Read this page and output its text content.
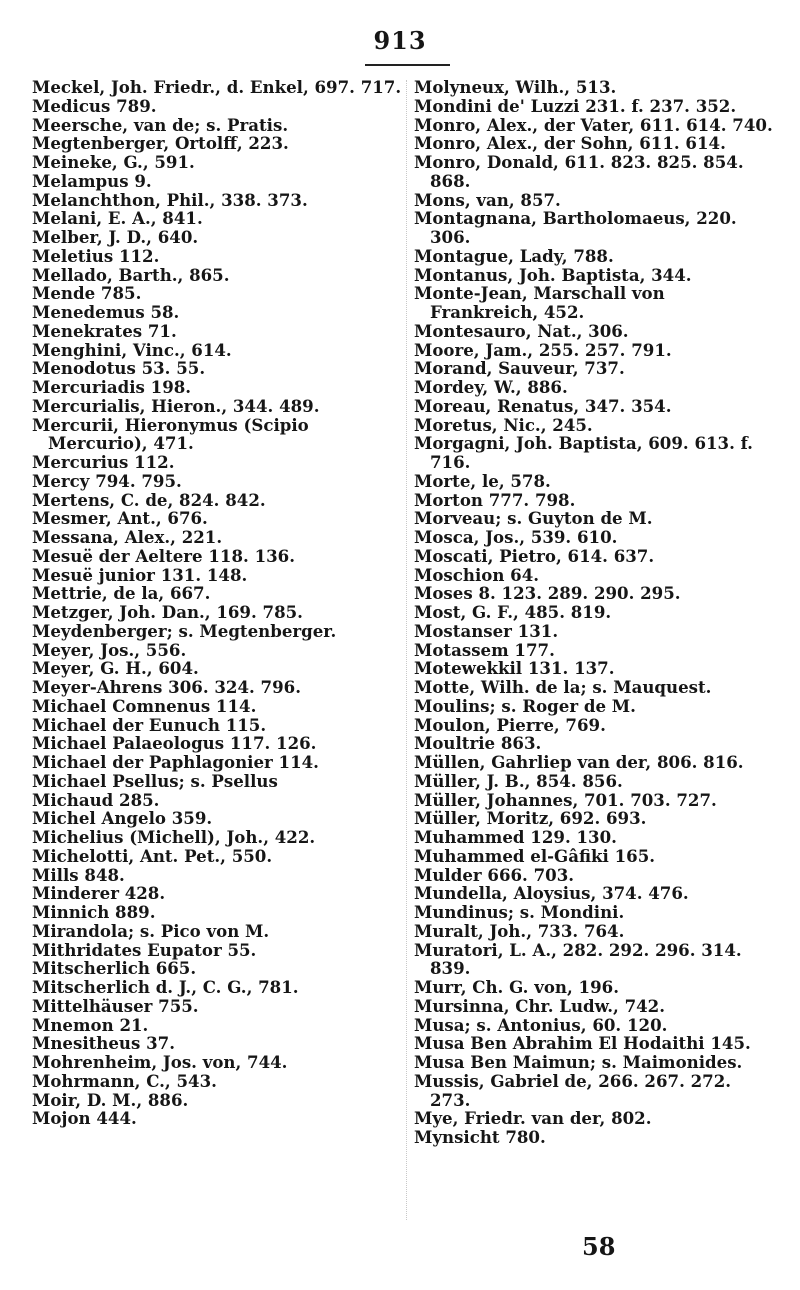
913

Meckel, Joh. Friedr., d. Enkel, 697. 717.

Medicus 789.

Meersche, van de; s. Pratis.

Megtenberger, Ortolff, 223.

Meineke, G., 591.

Melampus 9.

Melanchthon, Phil., 338. 373.

Melani, E. A., 841.

Melber, J. D., 640.

Meletius 112.

Mellado, Barth., 865.

Mende 785.

Menedemus 58.

Menekrates 71.

Menghini, Vinc., 614.

Menodotus 53. 55.

Mercuriadis 198.

Mercurialis, Hieron., 344. 489.

Mercurii, Hieronymus (Scipio Mercurio), 471.

Mercurius 112.

Mercy 794. 795.

Mertens, C. de, 824. 842.

Mesmer, Ant., 676.

Messana, Alex., 221.

Mesuë der Aeltere 118. 136.

Mesuë junior 131. 148.

Mettrie, de la, 667.

Metzger, Joh. Dan., 169. 785.

Meydenberger; s. Megtenberger.

Meyer, Jos., 556.

Meyer, G. H., 604.

Meyer-Ahrens 306. 324. 796.

Michael Comnenus 114.

Michael der Eunuch 115.

Michael Palaeologus 117. 126.

Michael der Paphlagonier 114.

Michael Psellus; s. Psellus

Michaud 285.

Michel Angelo 359.

Michelius (Michell), Joh., 422.

Michelotti, Ant. Pet., 550.

Mills 848.

Minderer 428.

Minnich 889.

Mirandola; s. Pico von M.

Mithridates Eupator 55.

Mitscherlich 665.

Mitscherlich d. J., C. G., 781.

Mittelhäuser 755.

Mnemon 21.

Mnesitheus 37.

Mohrenheim, Jos. von, 744.

Mohrmann, C., 543.

Moir, D. M., 886.

Mojon 444.

Molyneux, Wilh., 513.

Mondini de' Luzzi 231. f. 237. 352.

Monro, Alex., der Vater, 611. 614. 740.

Monro, Alex., der Sohn, 611. 614.

Monro, Donald, 611. 823. 825. 854. 868.

Mons, van, 857.

Montagnana, Bartholomaeus, 220. 306.

Montague, Lady, 788.

Montanus, Joh. Baptista, 344.

Monte-Jean, Marschall von Frankreich, 452.

Montesauro, Nat., 306.

Moore, Jam., 255. 257. 791.

Morand, Sauveur, 737.

Mordey, W., 886.

Moreau, Renatus, 347. 354.

Moretus, Nic., 245.

Morgagni, Joh. Baptista, 609. 613. f. 716.

Morte, le, 578.

Morton 777. 798.

Morveau; s. Guyton de M.

Mosca, Jos., 539. 610.

Moscati, Pietro, 614. 637.

Moschion 64.

Moses 8. 123. 289. 290. 295.

Most, G. F., 485. 819.

Mostanser 131.

Motassem 177.

Motewekkil 131. 137.

Motte, Wilh. de la; s. Mauquest.

Moulins; s. Roger de M.

Moulon, Pierre, 769.

Moultrie 863.

Müllen, Gahrliep van der, 806. 816.

Müller, J. B., 854. 856.

Müller, Johannes, 701. 703. 727.

Müller, Moritz, 692. 693.

Muhammed 129. 130.

Muhammed el-Gâfiki 165.

Mulder 666. 703.

Mundella, Aloysius, 374. 476.

Mundinus; s. Mondini.

Muralt, Joh., 733. 764.

Muratori, L. A., 282. 292. 296. 314. 839.

Murr, Ch. G. von, 196.

Mursinna, Chr. Ludw., 742.

Musa; s. Antonius, 60. 120.

Musa Ben Abrahim El Hodaithi 145.

Musa Ben Maimun; s. Maimonides.

Mussis, Gabriel de, 266. 267. 272. 273.

Mye, Friedr. van der, 802.

Mynsicht 780.

58
